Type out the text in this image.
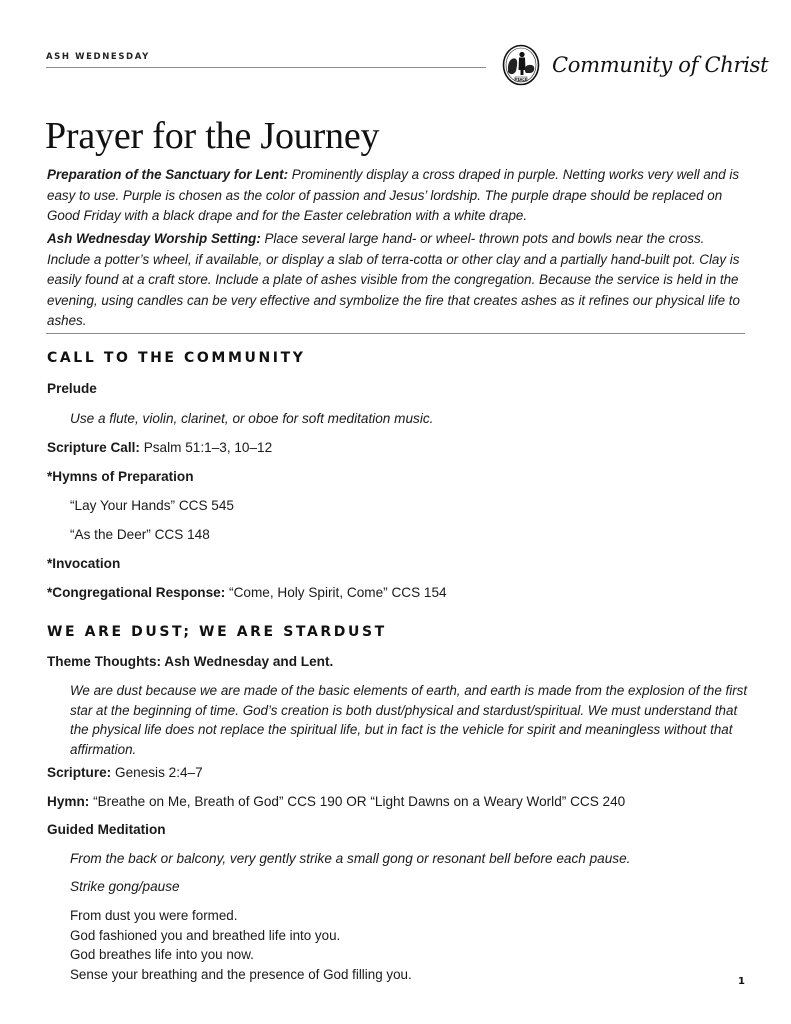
ASH WEDNESDAY
PEACE
Community of Christ
Prayer for the Journey

Preparation of the Sanctuary for Lent: Prominently display a cross draped in purple. Netting works very well and is easy to use. Purple is chosen as the color of passion and Jesus’ lordship. The purple drape should be replaced on Good Friday with a black drape and for the Easter celebration with a white drape.

Ash Wednesday Worship Setting: Place several large hand- or wheel- thrown pots and bowls near the cross. Include a potter’s wheel, if available, or display a slab of terra-cotta or other clay and a partially hand-built pot. Clay is easily found at a craft store. Include a plate of ashes visible from the congregation. Because the service is held in the evening, using candles can be very effective and symbolize the fire that creates ashes as it refines our physical life to ashes.

CALL TO THE COMMUNITY
Prelude
Use a flute, violin, clarinet, or oboe for soft meditation music.
Scripture Call: Psalm 51:1–3, 10–12
*Hymns of Preparation
“Lay Your Hands” CCS 545
“As the Deer” CCS 148
*Invocation
*Congregational Response: “Come, Holy Spirit, Come” CCS 154
WE ARE DUST; WE ARE STARDUST
Theme Thoughts: Ash Wednesday and Lent.
We are dust because we are made of the basic elements of earth, and earth is made from the explosion of the first star at the beginning of time. God’s creation is both dust/physical and stardust/spiritual. We must understand that the physical life does not replace the spiritual life, but in fact is the vehicle for spirit and meaningless without that affirmation.
Scripture: Genesis 2:4–7
Hymn: “Breathe on Me, Breath of God” CCS 190 OR “Light Dawns on a Weary World” CCS 240
Guided Meditation
From the back or balcony, very gently strike a small gong or resonant bell before each pause.
Strike gong/pause
From dust you were formed.
God fashioned you and breathed life into you.
God breathes life into you now.
Sense your breathing and the presence of God filling you.	1
